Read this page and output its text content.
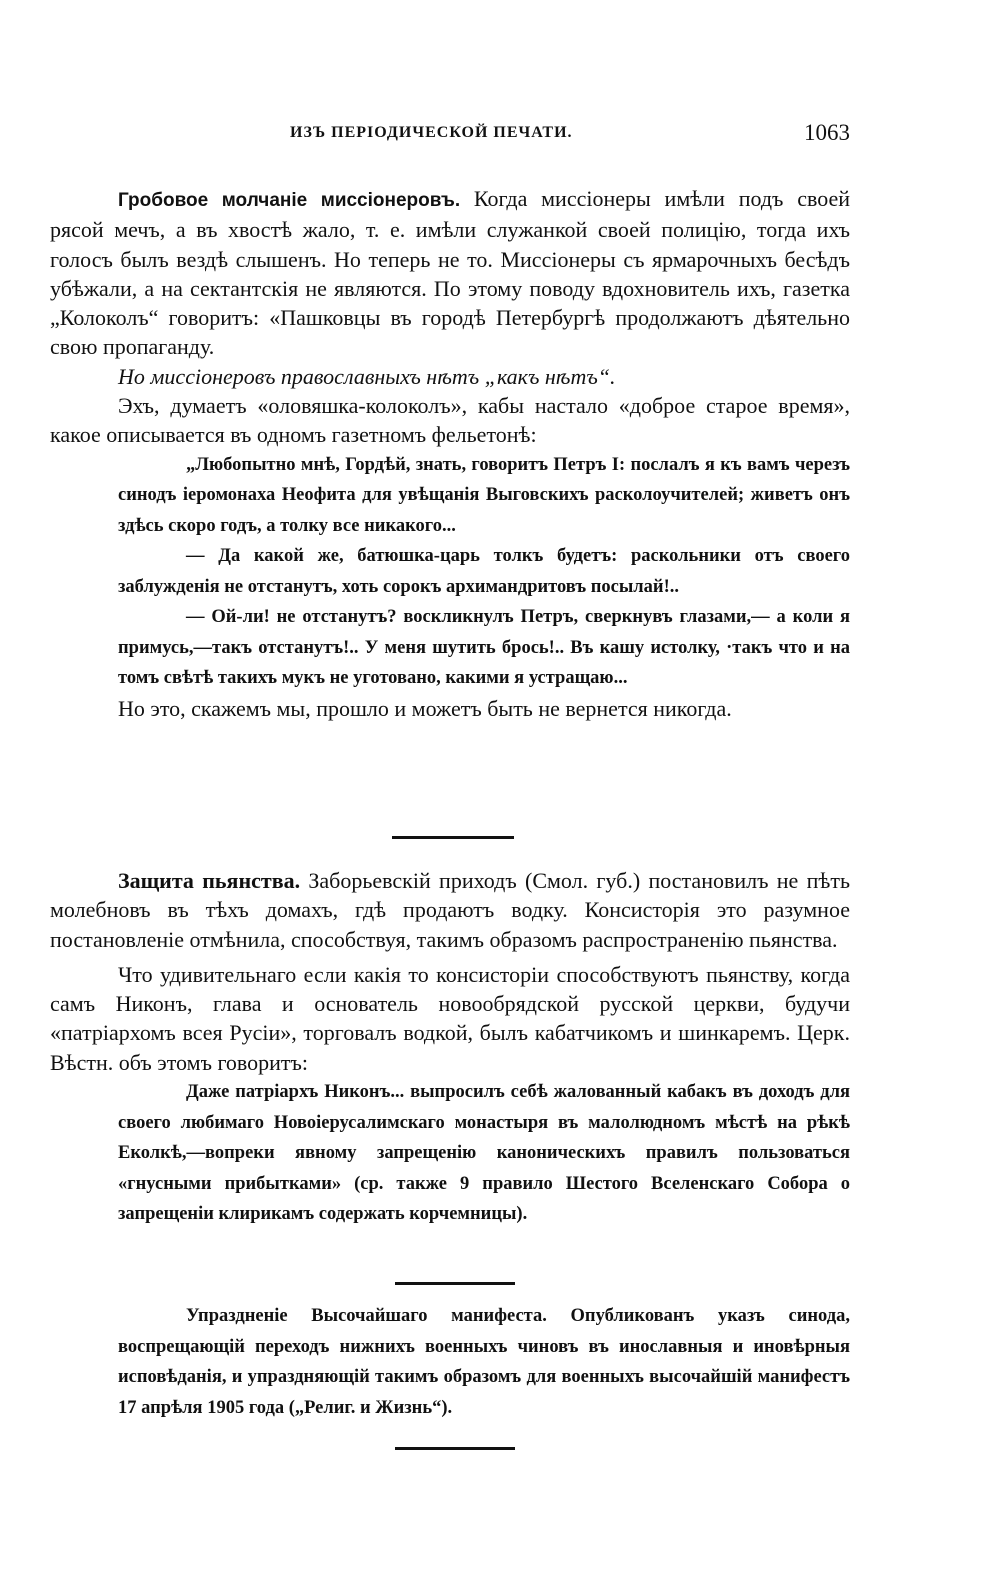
ИЗЪ ПЕРІОДИЧЕСКОЙ ПЕЧАТИ.	1063

Гробовое молчаніе миссіонеровъ. Когда миссіонеры имѣли подъ своей рясой мечъ, а въ хвостѣ жало, т. е. имѣли служанкой своей полицію, тогда ихъ голосъ былъ вездѣ слышенъ. Но теперь не то. Миссіонеры съ ярмарочныхъ бесѣдъ убѣжали, а на сектантскія не являются. По этому поводу вдохновитель ихъ, газетка „Колоколъ“ говоритъ: «Пашковцы въ городѣ Петербургѣ продолжаютъ дѣятельно свою пропаганду.

Но миссіонеровъ православныхъ нѣтъ „какъ нѣтъ“.

Эхъ, думаетъ «оловяшка-колоколъ», кабы настало «доброе старое время», какое описывается въ одномъ газетномъ фельетонѣ:

„Любопытно мнѣ, Гордѣй, знать, говоритъ Петръ I: послалъ я къ вамъ черезъ синодъ іеромонаха Неофита для увѣщанія Выговскихъ расколоучителей; живетъ онъ здѣсь скоро годъ, а толку все никакого...

— Да какой же, батюшка-царь толкъ будетъ: раскольники отъ своего заблужденія не отстанутъ, хоть сорокъ архимандритовъ посылай!..

— Ой-ли! не отстанутъ? воскликнулъ Петръ, сверкнувъ глазами,— а коли я примусь,—такъ отстанутъ!.. У меня шутить брось!.. Въ кашу истолку, ·такъ что и на томъ свѣтѣ такихъ мукъ не уготовано, какими я устращаю...

Но это, скажемъ мы, прошло и можетъ быть не вернется никогда.

Защита пьянства. Заборьевскій приходъ (Смол. губ.) постановилъ не пѣть молебновъ въ тѣхъ домахъ, гдѣ продаютъ водку. Консисторія это разумное постановленіе отмѣнила, способствуя, такимъ образомъ распространенію пьянства.

Что удивительнаго если какія то консисторіи способствуютъ пьянству, когда самъ Никонъ, глава и основатель новообрядской русской церкви, будучи «патріархомъ всея Русіи», торговалъ водкой, былъ кабатчикомъ и шинкаремъ. Церк. Вѣстн. объ этомъ говоритъ:

Даже патріархъ Никонъ... выпросилъ себѣ жалованный кабакъ въ доходъ для своего любимаго Новоіерусалимскаго монастыря въ малолюдномъ мѣстѣ на рѣкѣ Еколкѣ,—вопреки явному запрещенію каноническихъ правилъ пользоваться «гнусными прибытками» (ср. также 9 правило Шестого Вселенскаго Собора о запрещеніи клирикамъ содержать корчемницы).

Упраздненіе Высочайшаго манифеста. Опубликованъ указъ синода, воспрещающій переходъ нижнихъ военныхъ чиновъ въ инославныя и иновѣрныя исповѣданія, и упраздняющій такимъ образомъ для военныхъ высочайшій манифестъ 17 апрѣля 1905 года („Религ. и Жизнь“).
